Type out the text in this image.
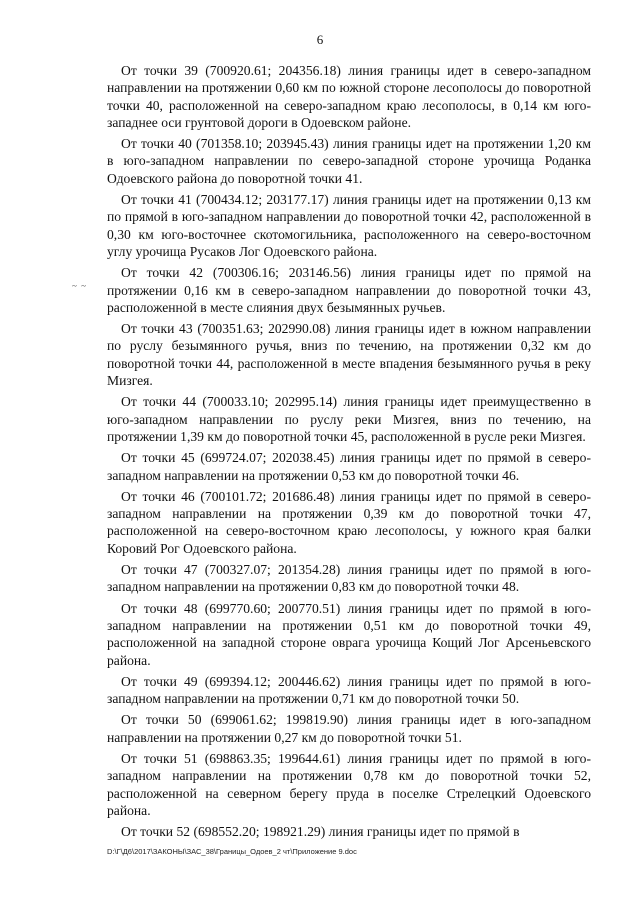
6
~ ~

От точки 39 (700920.61; 204356.18) линия границы идет в северо-западном направлении на протяжении 0,60 км по южной стороне лесополосы до поворотной точки 40, расположенной на северо-западном краю лесополосы, в 0,14 км юго-западнее оси грунтовой дороги в Одоевском районе.

От точки 40 (701358.10; 203945.43) линия границы идет на протяжении 1,20 км в юго-западном направлении по северо-западной стороне урочища Роданка Одоевского района до поворотной точки 41.

От точки 41 (700434.12; 203177.17) линия границы идет на протяжении 0,13 км по прямой в юго-западном направлении до поворотной точки 42, расположенной в 0,30 км юго-восточнее скотомогильника, расположенного на северо-восточном углу урочища Русаков Лог Одоевского района.

От точки 42 (700306.16; 203146.56) линия границы идет по прямой на протяжении 0,16 км в северо-западном направлении до поворотной точки 43, расположенной в месте слияния двух безымянных ручьев.

От точки 43 (700351.63; 202990.08) линия границы идет в южном направлении по руслу безымянного ручья, вниз по течению, на протяжении 0,32 км до поворотной точки 44, расположенной в месте впадения безымянного ручья в реку Мизгея.

От точки 44 (700033.10; 202995.14) линия границы идет преимущественно в юго-западном направлении по руслу реки Мизгея, вниз по течению, на протяжении 1,39 км до поворотной точки 45, расположенной в русле реки Мизгея.

От точки 45 (699724.07; 202038.45) линия границы идет по прямой в северо-западном направлении на протяжении 0,53 км до поворотной точки 46.

От точки 46 (700101.72; 201686.48) линия границы идет по прямой в северо-западном направлении на протяжении 0,39 км до поворотной точки 47, расположенной на северо-восточном краю лесополосы, у южного края балки Коровий Рог Одоевского района.

От точки 47 (700327.07; 201354.28) линия границы идет по прямой в юго-западном направлении на протяжении 0,83 км до поворотной точки 48.

От точки 48 (699770.60; 200770.51) линия границы идет по прямой в юго-западном направлении на протяжении 0,51 км до поворотной точки 49, расположенной на западной стороне оврага урочища Кощий Лог Арсеньевского района.

От точки 49 (699394.12; 200446.62) линия границы идет по прямой в юго-западном направлении на протяжении 0,71 км до поворотной точки 50.

От точки 50 (699061.62; 199819.90) линия границы идет в юго-западном направлении на протяжении 0,27 км до поворотной точки 51.

От точки 51 (698863.35; 199644.61) линия границы идет по прямой в юго-западном направлении на протяжении 0,78 км до поворотной точки 52, расположенной на северном берегу пруда в поселке Стрелецкий Одоевского района.

От точки 52 (698552.20; 198921.29) линия границы идет по прямой в

D:\Г\Д6\2017\ЗАКОНЫ\ЗАС_38\Границы_Одоев_2 чт\Приложение 9.doc
